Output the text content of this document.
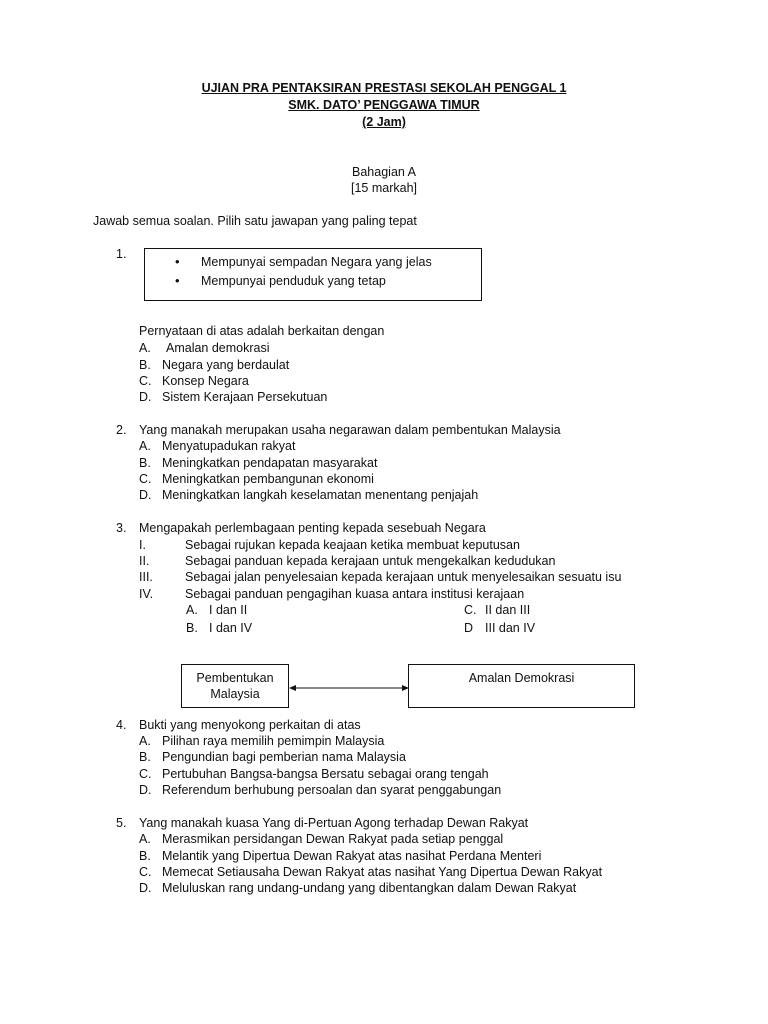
UJIAN PRA PENTAKSIRAN PRESTASI SEKOLAH PENGGAL 1
SMK. DATO’ PENGGAWA TIMUR
(2 Jam)
Bahagian A
[15 markah]
Jawab semua soalan. Pilih satu jawapan yang paling tepat
1.	• Mempunyai sempadan Negara yang jelas
• Mempunyai penduduk yang tetap
Pernyataan di atas adalah berkaitan dengan
A. Amalan demokrasi
B. Negara yang berdaulat
C. Konsep Negara
D. Sistem Kerajaan Persekutuan
2. Yang manakah merupakan usaha negarawan dalam pembentukan Malaysia
A. Menyatupadukan rakyat
B. Meningkatkan pendapatan masyarakat
C. Meningkatkan pembangunan ekonomi
D. Meningkatkan langkah keselamatan menentang penjajah
3. Mengapakah perlembagaan penting kepada sesebuah Negara
I.	Sebagai rujukan kepada keajaan ketika membuat keputusan
II.	Sebagai panduan kepada kerajaan untuk mengekalkan kedudukan
III.	Sebagai jalan penyelesaian kepada kerajaan untuk menyelesaikan sesuatu isu
IV.	Sebagai panduan pengagihan kuasa antara institusi kerajaan
A. I dan II
B. I dan IV
C. II dan III
D III dan IV
Pembentukan
Malaysia
Amalan Demokrasi
4. Bukti yang menyokong perkaitan di atas
A. Pilihan raya memilih pemimpin Malaysia
B. Pengundian bagi pemberian nama Malaysia
C. Pertubuhan Bangsa-bangsa Bersatu sebagai orang tengah
D. Referendum berhubung persoalan dan syarat penggabungan
5. Yang manakah kuasa Yang di-Pertuan Agong terhadap Dewan Rakyat
A. Merasmikan persidangan Dewan Rakyat pada setiap penggal
B. Melantik yang Dipertua Dewan Rakyat atas nasihat Perdana Menteri
C. Memecat Setiausaha Dewan Rakyat atas nasihat Yang Dipertua Dewan Rakyat
D. Meluluskan rang undang-undang yang dibentangkan dalam Dewan Rakyat
